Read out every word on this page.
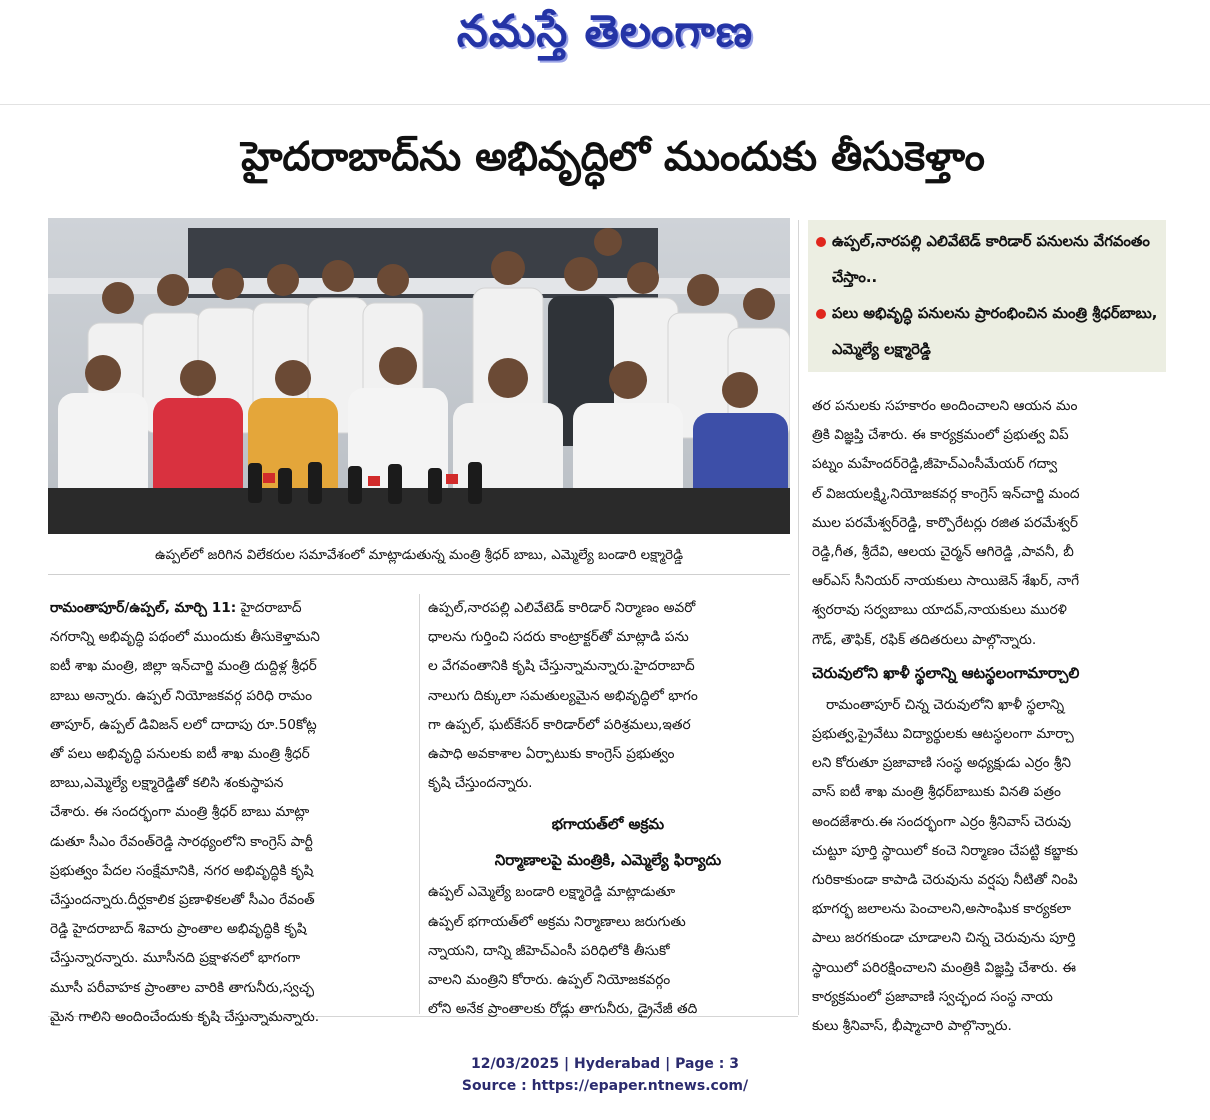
నమస్తే తెలంగాణ
హైదరాబాద్‌ను అభివృద్ధిలో ముందుకు తీసుకెళ్తాం
ఉప్పల్‌లో జరిగిన విలేకరుల సమావేశంలో మాట్లాడుతున్న మంత్రి శ్రీధర్ బాబు, ఎమ్మెల్యే బండారి లక్ష్మారెడ్డి
ఉప్పల్,నారపల్లి ఎలివేటెడ్ కారిడార్ పనులను వేగవంతం చేస్తాం..
పలు అభివృద్ధి పనులను ప్రారంభించిన మంత్రి శ్రీధర్‌బాబు, ఎమ్మెల్యే లక్ష్మారెడ్డి
రామంతాపూర్/ఉప్పల్, మార్చి 11: హైదరాబాద్
నగరాన్ని అభివృద్ధి పథంలో ముందుకు తీసుకెళ్తామని
ఐటీ శాఖ మంత్రి, జిల్లా ఇన్‌చార్జి మంత్రి దుద్దిళ్ల శ్రీధర్
బాబు అన్నారు. ఉప్పల్ నియోజకవర్గ పరిధి రామం
తాపూర్, ఉప్పల్ డివిజన్ లలో దాదాపు రూ.50కోట్ల
తో పలు అభివృద్ధి పనులకు ఐటీ శాఖ మంత్రి శ్రీధర్
బాబు,ఎమ్మెల్యే లక్ష్మారెడ్డితో కలిసి శంకుస్థాపన
చేశారు. ఈ సందర్భంగా మంత్రి శ్రీధర్ బాబు మాట్లా
డుతూ సీఎం రేవంత్‌రెడ్డి సారథ్యంలోని కాంగ్రెస్ పార్టీ
ప్రభుత్వం పేదల సంక్షేమానికి, నగర అభివృద్ధికి కృషి
చేస్తుందన్నారు.దీర్ఘకాలిక ప్రణాళికలతో సీఎం రేవంత్
రెడ్డి హైదరాబాద్ శివారు ప్రాంతాల అభివృద్ధికి కృషి
చేస్తున్నారన్నారు. మూసీనది ప్రక్షాళనలో భాగంగా
మూసీ పరీవాహక ప్రాంతాల వారికి తాగునీరు,స్వచ్ఛ
మైన గాలిని అందించేందుకు కృషి చేస్తున్నామన్నారు.
ఉప్పల్,నారపల్లి ఎలివేటెడ్ కారిడార్ నిర్మాణం అవరో
ధాలను గుర్తించి సదరు కాంట్రాక్టర్‌తో మాట్లాడి పను
ల వేగవంతానికి కృషి చేస్తున్నామన్నారు.హైదరాబాద్
నాలుగు దిక్కులా సమతుల్యమైన అభివృద్ధిలో భాగం
గా ఉప్పల్, ఘట్‌కేసర్ కారిడార్‌లో పరిశ్రమలు,ఇతర
ఉపాధి అవకాశాల ఏర్పాటుకు కాంగ్రెస్ ప్రభుత్వం
కృషి చేస్తుందన్నారు.
భగాయత్‌లో అక్రమ
నిర్మాణాలపై మంత్రికి, ఎమ్మెల్యే ఫిర్యాదు
ఉప్పల్ ఎమ్మెల్యే బండారి లక్ష్మారెడ్డి మాట్లాడుతూ
ఉప్పల్ భగాయత్‌లో అక్రమ నిర్మాణాలు జరుగుతు
న్నాయని, దాన్ని జీహెచ్‌ఎంసీ పరిధిలోకి తీసుకో
వాలని మంత్రిని కోరారు. ఉప్పల్ నియోజకవర్గం
లోని అనేక ప్రాంతాలకు రోడ్లు తాగునీరు, డ్రైనేజీ తది
తర పనులకు సహకారం అందించాలని ఆయన మం
త్రికి విజ్ఞప్తి చేశారు. ఈ కార్యక్రమంలో ప్రభుత్వ విప్
పట్నం మహేందర్‌రెడ్డి,జీహెచ్‌ఎంసీమేయర్ గద్వా
ల్ విజయలక్ష్మి,నియోజకవర్గ కాంగ్రెస్ ఇన్‌చార్జి మంద
ముల పరమేశ్వర్‌రెడ్డి, కార్పొరేటర్లు రజిత పరమేశ్వర్
రెడ్డి,గీత, శ్రీదేవి, ఆలయ చైర్మన్ ఆగిరెడ్డి ,పావనీ, బీ
ఆర్‌ఎస్ సీనియర్ నాయకులు సాయిజెన్ శేఖర్, నాగే
శ్వరరావు సర్వబాబు యాదవ్,నాయకులు మురళి
గౌడ్, తౌఫిక్, రఫిక్ తదితరులు పాల్గొన్నారు.
చెరువులోని ఖాళీ స్థలాన్ని ఆటస్థలంగామార్చాలి
రామంతాపూర్ చిన్న చెరువులోని ఖాళీ స్థలాన్ని
ప్రభుత్వ,ప్రైవేటు విద్యార్థులకు ఆటస్థలంగా మార్చా
లని కోరుతూ ప్రజావాణి సంస్థ అధ్యక్షుడు ఎర్రం శ్రీని
వాస్ ఐటీ శాఖ మంత్రి శ్రీధర్‌బాబుకు వినతి పత్రం
అందజేశారు.ఈ సందర్భంగా ఎర్రం శ్రీనివాస్ చెరువు
చుట్టూ పూర్తి స్థాయిలో కంచె నిర్మాణం చేపట్టి కబ్జాకు
గురికాకుండా కాపాడి చెరువును వర్షపు నీటితో నింపి
భూగర్భ జలాలను పెంచాలని,అసాంఘిక కార్యకలా
పాలు జరగకుండా చూడాలని చిన్న చెరువును పూర్తి
స్థాయిలో పరిరక్షించాలని మంత్రికి విజ్ఞప్తి చేశారు. ఈ
కార్యక్రమంలో ప్రజావాణి స్వచ్ఛంద సంస్థ నాయ
కులు శ్రీనివాస్, భీష్మాచారి పాల్గొన్నారు.
12/03/2025 | Hyderabad | Page : 3
Source : https://epaper.ntnews.com/
